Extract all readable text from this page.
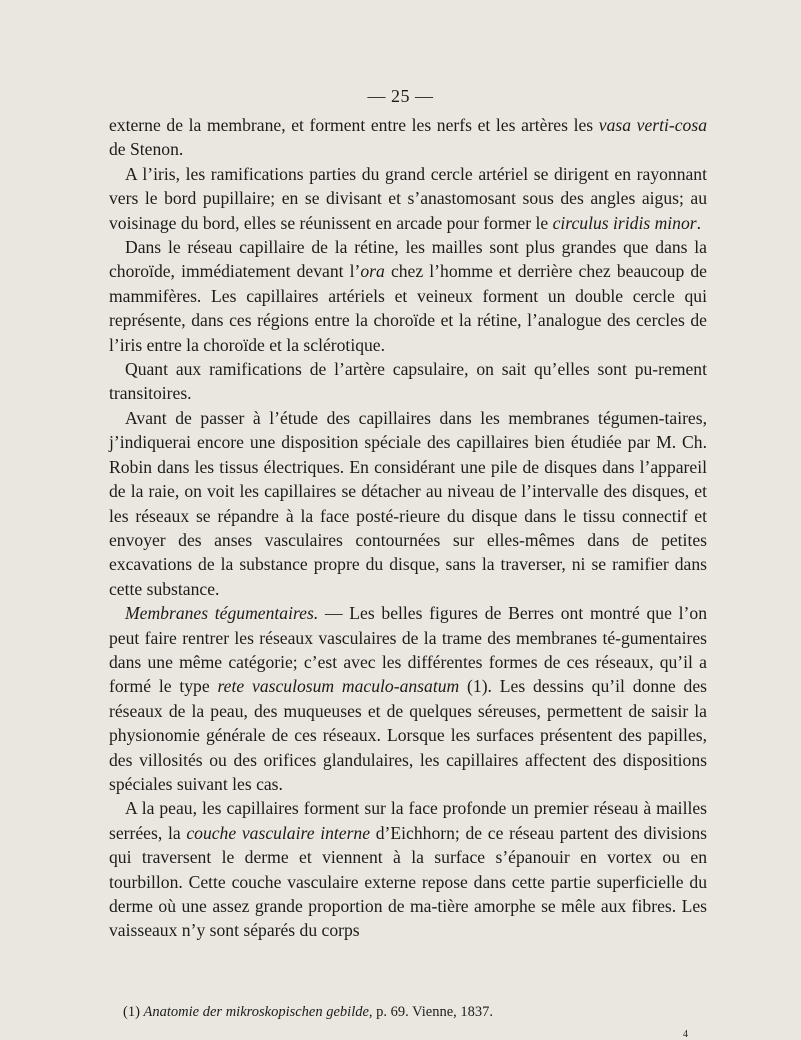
— 25 —

externe de la membrane, et forment entre les nerfs et les artères les vasa verti-cosa de Stenon.

A l’iris, les ramifications parties du grand cercle artériel se dirigent en rayonnant vers le bord pupillaire; en se divisant et s’anastomosant sous des angles aigus; au voisinage du bord, elles se réunissent en arcade pour former le circulus iridis minor.

Dans le réseau capillaire de la rétine, les mailles sont plus grandes que dans la choroïde, immédiatement devant l’ora chez l’homme et derrière chez beaucoup de mammifères. Les capillaires artériels et veineux forment un double cercle qui représente, dans ces régions entre la choroïde et la rétine, l’analogue des cercles de l’iris entre la choroïde et la sclérotique.

Quant aux ramifications de l’artère capsulaire, on sait qu’elles sont pu-rement transitoires.

Avant de passer à l’étude des capillaires dans les membranes tégumen-taires, j’indiquerai encore une disposition spéciale des capillaires bien étudiée par M. Ch. Robin dans les tissus électriques. En considérant une pile de disques dans l’appareil de la raie, on voit les capillaires se détacher au niveau de l’intervalle des disques, et les réseaux se répandre à la face posté-rieure du disque dans le tissu connectif et envoyer des anses vasculaires contournées sur elles-mêmes dans de petites excavations de la substance propre du disque, sans la traverser, ni se ramifier dans cette substance.

Membranes tégumentaires. — Les belles figures de Berres ont montré que l’on peut faire rentrer les réseaux vasculaires de la trame des membranes té-gumentaires dans une même catégorie; c’est avec les différentes formes de ces réseaux, qu’il a formé le type rete vasculosum maculo-ansatum (1). Les dessins qu’il donne des réseaux de la peau, des muqueuses et de quelques séreuses, permettent de saisir la physionomie générale de ces réseaux. Lorsque les surfaces présentent des papilles, des villosités ou des orifices glandulaires, les capillaires affectent des dispositions spéciales suivant les cas.

A la peau, les capillaires forment sur la face profonde un premier réseau à mailles serrées, la couche vasculaire interne d’Eichhorn; de ce réseau partent des divisions qui traversent le derme et viennent à la surface s’épanouir en vortex ou en tourbillon. Cette couche vasculaire externe repose dans cette partie superficielle du derme où une assez grande proportion de ma-tière amorphe se mêle aux fibres. Les vaisseaux n’y sont séparés du corps

(1) Anatomie der mikroskopischen gebilde, p. 69. Vienne, 1837.
4
